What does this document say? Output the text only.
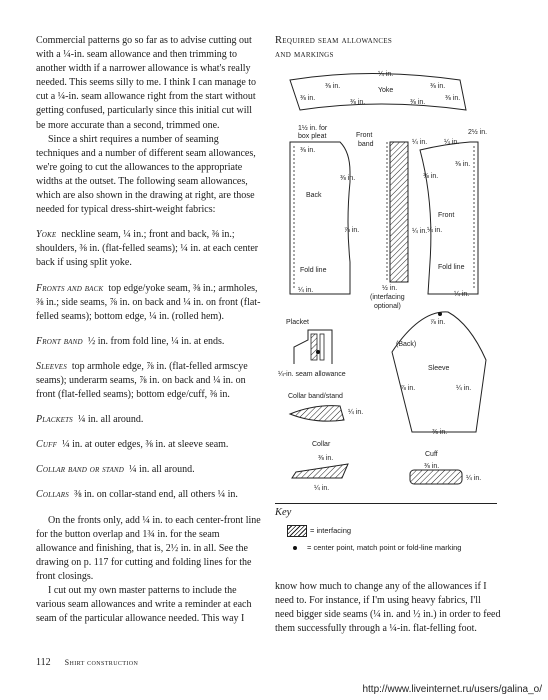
Commercial patterns go so far as to advise cutting out with a ¼-in. seam allowance and then trimming to another width if a narrower allowance is what's really needed. This seems silly to me. I think I can manage to cut a ¼-in. seam allowance right from the start without getting confused, particularly since this initial cut will be more accurate than a second, trimmed one.

Since a shirt requires a number of seaming techniques and a number of different seam allowances, we're going to cut the allowances to the appropriate widths at the outset. The following seam allowances, which are also shown in the drawing at right, are those needed for typical dress-shirt-weight fabrics:

Yoke neckline seam, ¼ in.; front and back, ⅜ in.; shoulders, ⅜ in. (flat-felled seams); ¼ in. at each center back if using split yoke.

Fronts and back top edge/yoke seam, ⅜ in.; armholes, ⅜ in.; side seams, ⅞ in. on back and ¼ in. on front (flat-felled seams); bottom edge, ¼ in. (rolled hem).

Front band ½ in. from fold line, ¼ in. at ends.

Sleeves top armhole edge, ⅞ in. (flat-felled armscye seams); underarm seams, ⅞ in. on back and ¼ in. on front (flat-felled seams); bottom edge/cuff, ⅜ in.

Plackets ¼ in. all around.

Cuff ¼ in. at outer edges, ⅜ in. at sleeve seam.

Collar band or stand ¼ in. all around.

Collars ⅜ in. on collar-stand end, all others ¼ in.

On the fronts only, add ¼ in. to each center-front line for the button overlap and 1¾ in. for the seam allowance and finishing, that is, 2½ in. in all. See the drawing on p. 117 for cutting and folding lines for the front closings.

I cut out my own master patterns to include the various seam allowances and write a reminder at each seam of the particular allowance needed. This way I

Required seam allowances
and markings
¼ in.
Yoke
⅜ in.
⅜ in.
⅜ in.
⅜ in.
⅜ in.
⅜ in.
1½ in. for
box pleat
⅜ in.
Back
⅜ in.
⅞ in.
Fold line
¼ in.
Front
band	¼ in.
¼ in.
½ in.
(interfacing
optional)
2½ in.
¼ in.
⅜ in.
⅜ in.
Front
¼ in.
Fold line
¼ in.
Placket
¼-in. seam allowance
Collar band/stand
¼ in.
Collar
⅜ in.
¼ in.
⅞ in.
(Back)
Sleeve
⅞ in.	¼ in.
⅜ in.
Cuff
⅜ in.
¼ in.
Key
= interfacing
= center point, match point or fold-line marking

know how much to change any of the allowances if I need to. For instance, if I'm using heavy fabrics, I'll need bigger side seams (¼ in. and ½ in.) in order to feed them successfully through a ¼-in. flat-felling foot.

112 Shirt construction
http://www.liveinternet.ru/users/galina_o/
